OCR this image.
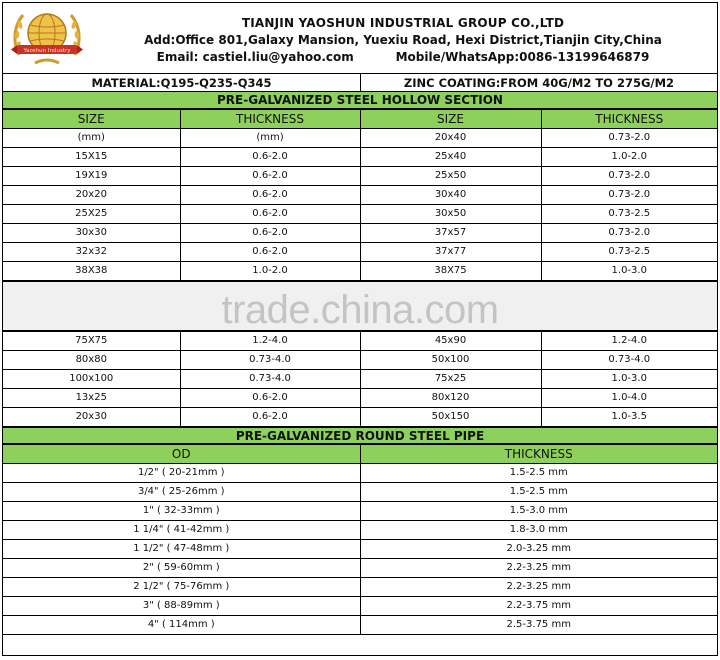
Yaoshun Industry
TIANJIN YAOSHUN INDUSTRIAL GROUP CO.,LTD
Add:Office 801,Galaxy Mansion, Yuexiu Road, Hexi District,Tianjin City,China
Email: castiel.liu@yahoo.com          Mobile/WhatsApp:0086-13199646879
MATERIAL:Q195-Q235-Q345	ZINC COATING:FROM 40G/M2 TO 275G/M2
PRE-GALVANIZED STEEL HOLLOW SECTION
SIZE	THICKNESS	SIZE	THICKNESS
(mm)	(mm)	20x40	0.73-2.0
15X15	0.6-2.0	25x40	1.0-2.0
19X19	0.6-2.0	25x50	0.73-2.0
20x20	0.6-2.0	30x40	0.73-2.0
25X25	0.6-2.0	30x50	0.73-2.5
30x30	0.6-2.0	37x57	0.73-2.0
32x32	0.6-2.0	37x77	0.73-2.5
38X38	1.0-2.0	38X75	1.0-3.0
trade.china.com
75X75	1.2-4.0	45x90	1.2-4.0
80x80	0.73-4.0	50x100	0.73-4.0
100x100	0.73-4.0	75x25	1.0-3.0
13x25	0.6-2.0	80x120	1.0-4.0
20x30	0.6-2.0	50x150	1.0-3.5
PRE-GALVANIZED ROUND STEEL PIPE
OD	THICKNESS
1/2" ( 20-21mm )	1.5-2.5 mm
3/4" ( 25-26mm )	1.5-2.5 mm
1" ( 32-33mm )	1.5-3.0 mm
1 1/4" ( 41-42mm )	1.8-3.0 mm
1 1/2" ( 47-48mm )	2.0-3.25 mm
2" ( 59-60mm )	2.2-3.25 mm
2 1/2" ( 75-76mm )	2.2-3.25 mm
3" ( 88-89mm )	2.2-3.75 mm
4" ( 114mm )	2.5-3.75 mm
